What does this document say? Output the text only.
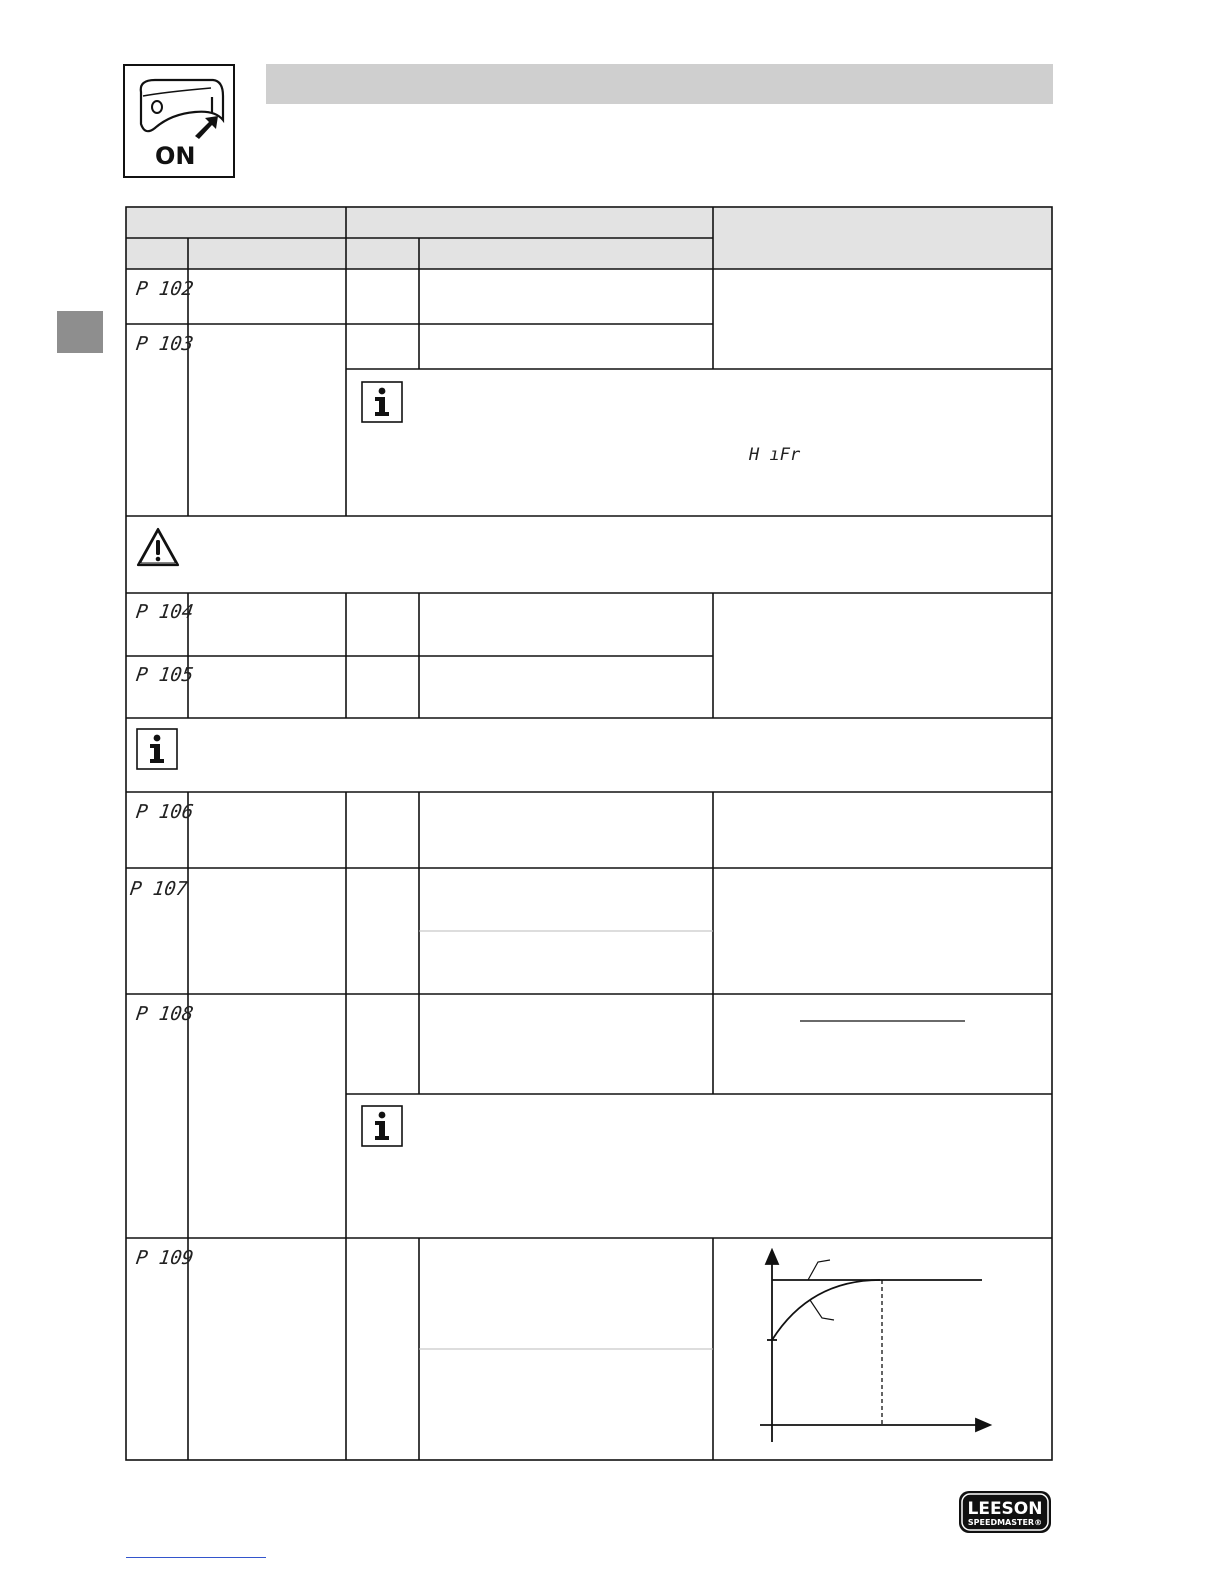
ON
P 102
P 103
P 104
P 105
P 106
P 107
P 108
P 109
H ıFr
LEESON
SPEEDMASTER®
